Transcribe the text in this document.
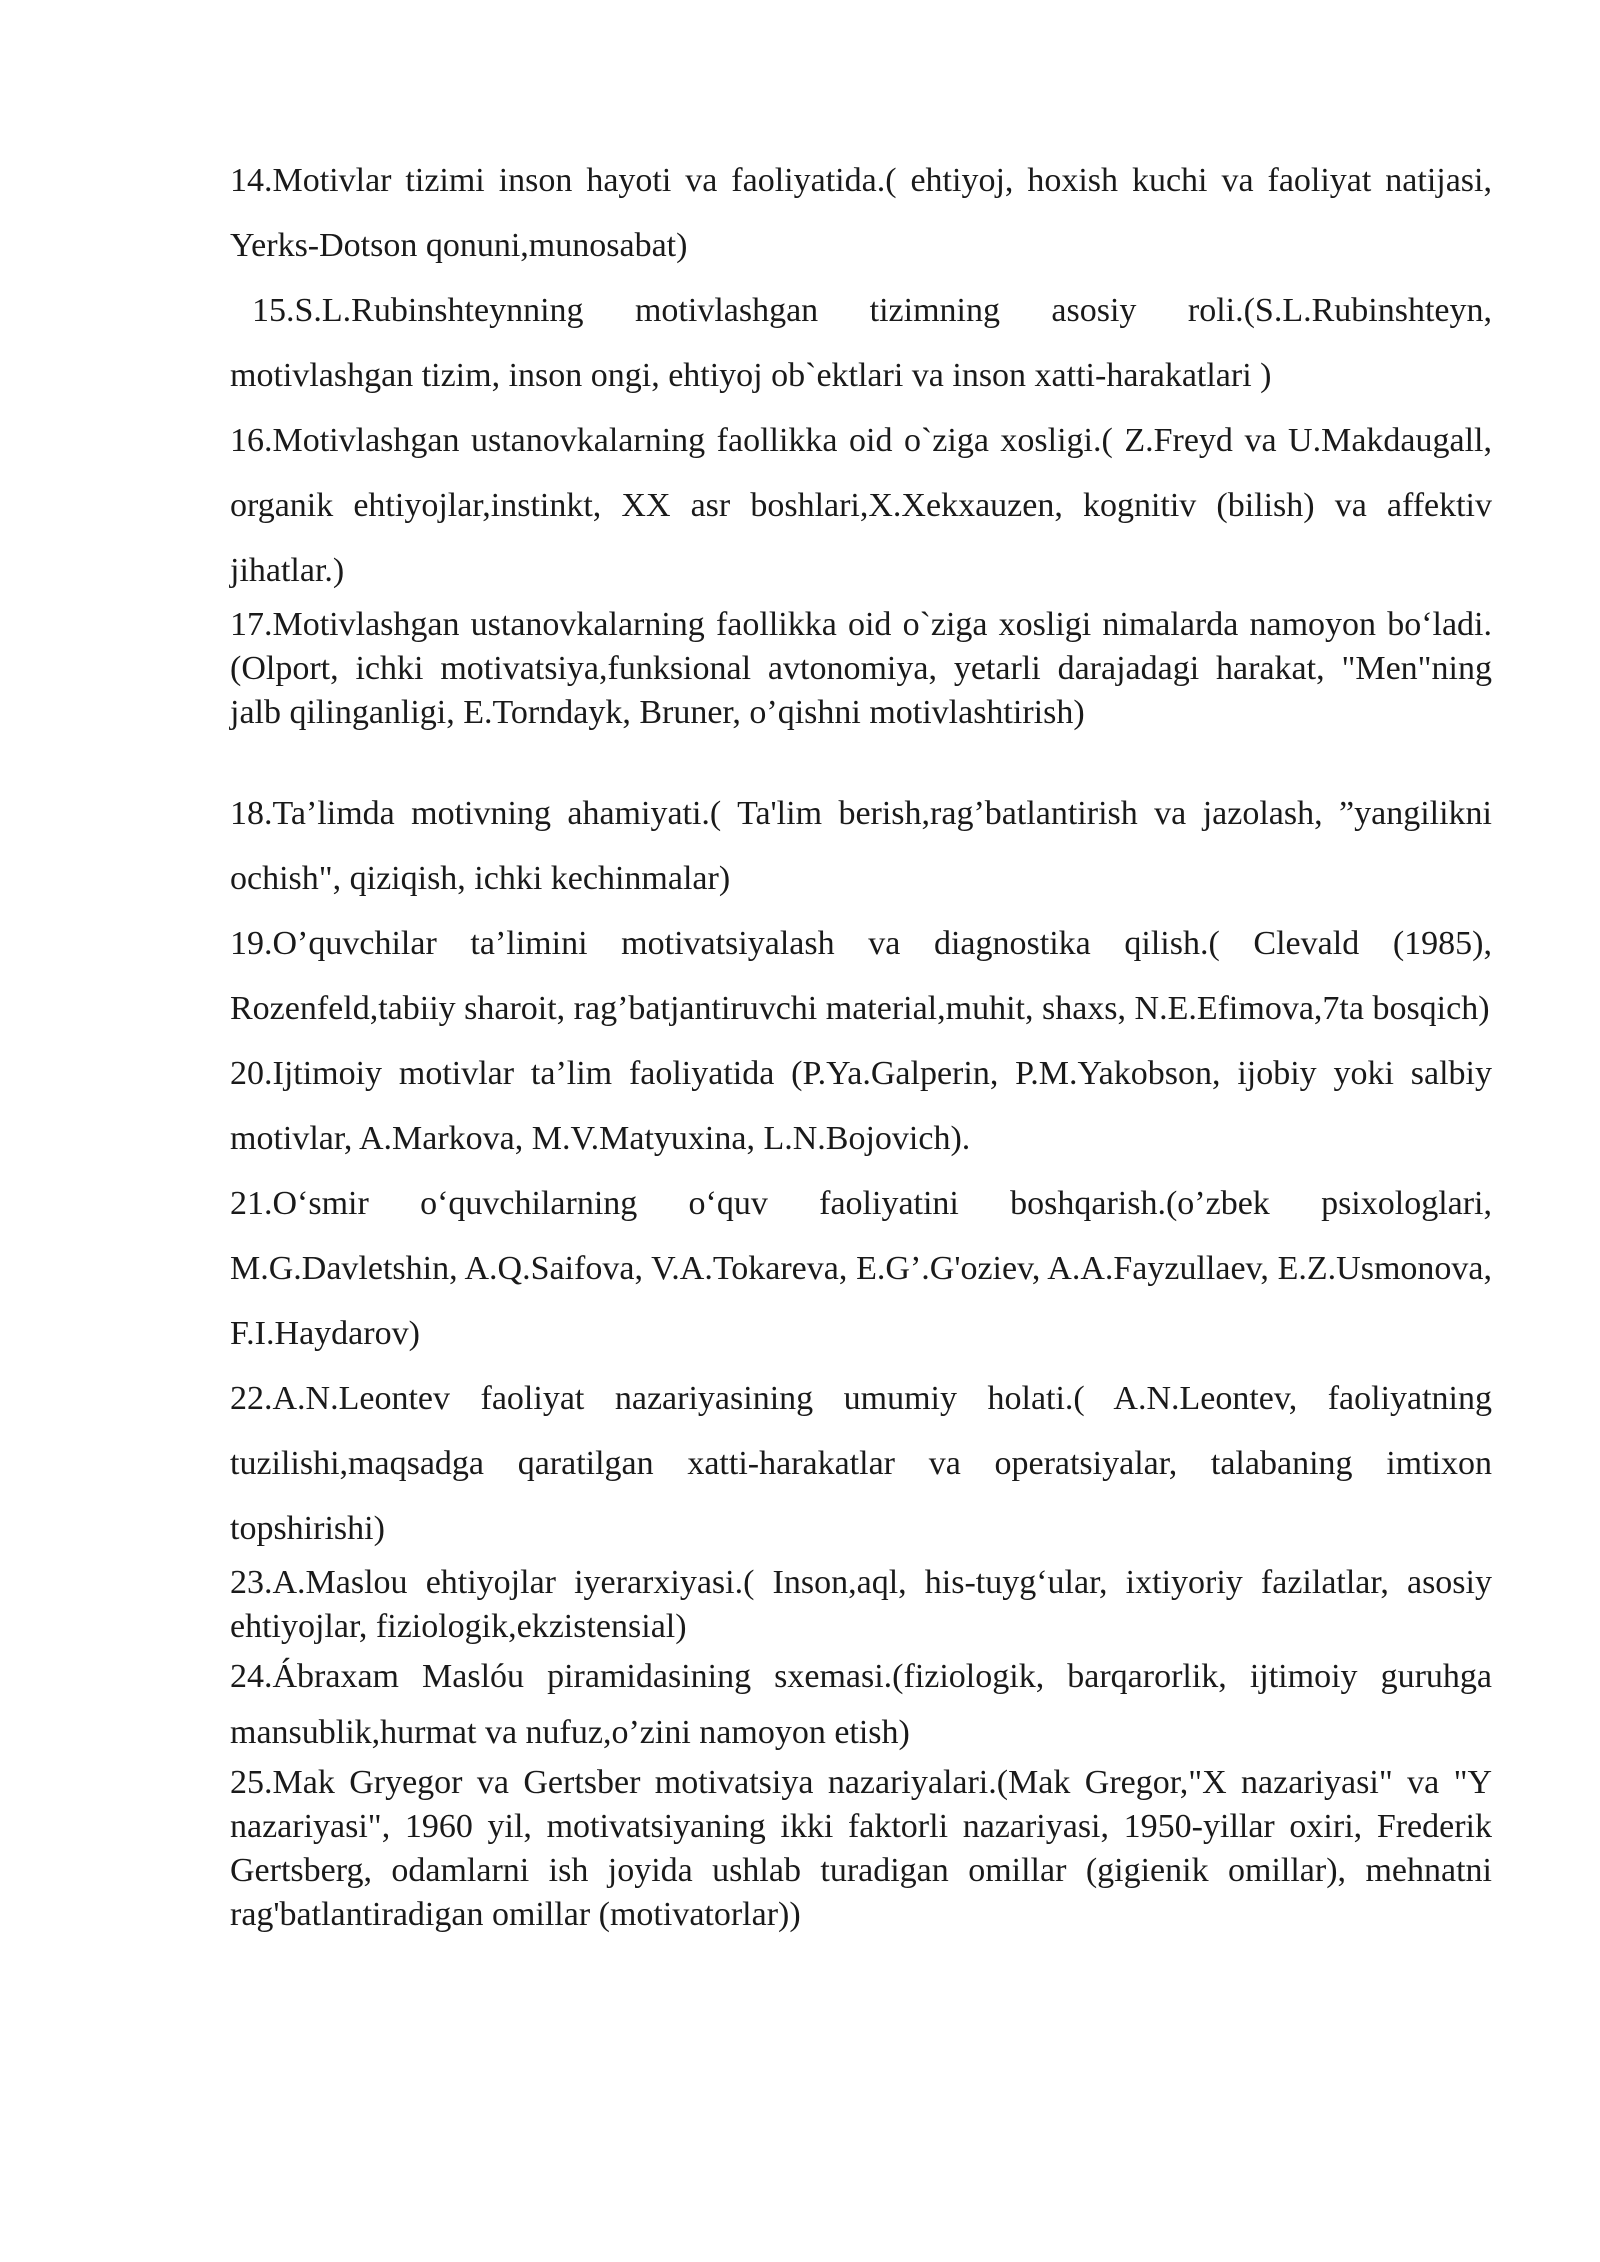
14.Motivlar tizimi inson hayoti va faoliyatida.( ehtiyoj, hoxish kuchi va faoliyat natijasi, Yerks-Dotson qonuni,munosabat)

15.S.L.Rubinshteynning motivlashgan tizimning asosiy roli.(S.L.Rubinshteyn, motivlashgan tizim, inson ongi, ehtiyoj ob`ektlari va inson xatti-harakatlari )

16.Motivlashgan ustanovkalarning faollikka oid o`ziga xosligi.( Z.Freyd va U.Makdaugall, organik ehtiyojlar,instinkt, XX asr boshlari,X.Xekxauzen, kognitiv (bilish) va affektiv jihatlar.)

17.Motivlashgan ustanovkalarning faollikka oid o`ziga xosligi nimalarda namoyon bo‘ladi.(Olport, ichki motivatsiya,funksional avtonomiya, yetarli darajadagi harakat, "Men"ning jalb qilinganligi, E.Torndayk, Bruner, o’qishni motivlashtirish)

18.Ta’limda motivning ahamiyati.( Ta'lim berish,rag’batlantirish va jazolash, ”yangilikni ochish", qiziqish, ichki kechinmalar)

19.O’quvchilar ta’limini motivatsiyalash va diagnostika qilish.( Clevald (1985), Rozenfeld,tabiiy sharoit, rag’batjantiruvchi material,muhit, shaxs, N.E.Efimova,7ta bosqich)

20.Ijtimoiy motivlar ta’lim faoliyatida (P.Ya.Galperin, P.M.Yakobson, ijobiy yoki salbiy motivlar, A.Markova, M.V.Matyuxina, L.N.Bojovich).

21.O‘smir o‘quvchilarning o‘quv faoliyatini boshqarish.(o’zbek psixologlari, M.G.Davletshin, A.Q.Saifova, V.A.Tokareva, E.G’.G'oziev, A.A.Fayzullaev, E.Z.Usmonova, F.I.Haydarov)

22.A.N.Leontev faoliyat nazariyasining umumiy holati.( A.N.Leontev, faoliyatning tuzilishi,maqsadga qaratilgan xatti-harakatlar va operatsiyalar, talabaning imtixon topshirishi)

23.A.Maslou ehtiyojlar iyerarxiyasi.( Inson,aql, his-tuyg‘ular, ixtiyoriy fazilatlar, asosiy ehtiyojlar, fiziologik,ekzistensial)

24.Ábraxam Maslóu piramidasining sxemasi.(fiziologik, barqarorlik, ijtimoiy guruhga mansublik,hurmat va nufuz,o’zini namoyon etish)

25.Mak Gryegor va Gertsber motivatsiya nazariyalari.(Mak Gregor,"X nazariyasi" va "Y nazariyasi", 1960 yil, motivatsiyaning ikki faktorli nazariyasi, 1950-yillar oxiri, Frederik Gertsberg, odamlarni ish joyida ushlab turadigan omillar (gigienik omillar), mehnatni rag'batlantiradigan omillar (motivatorlar))
